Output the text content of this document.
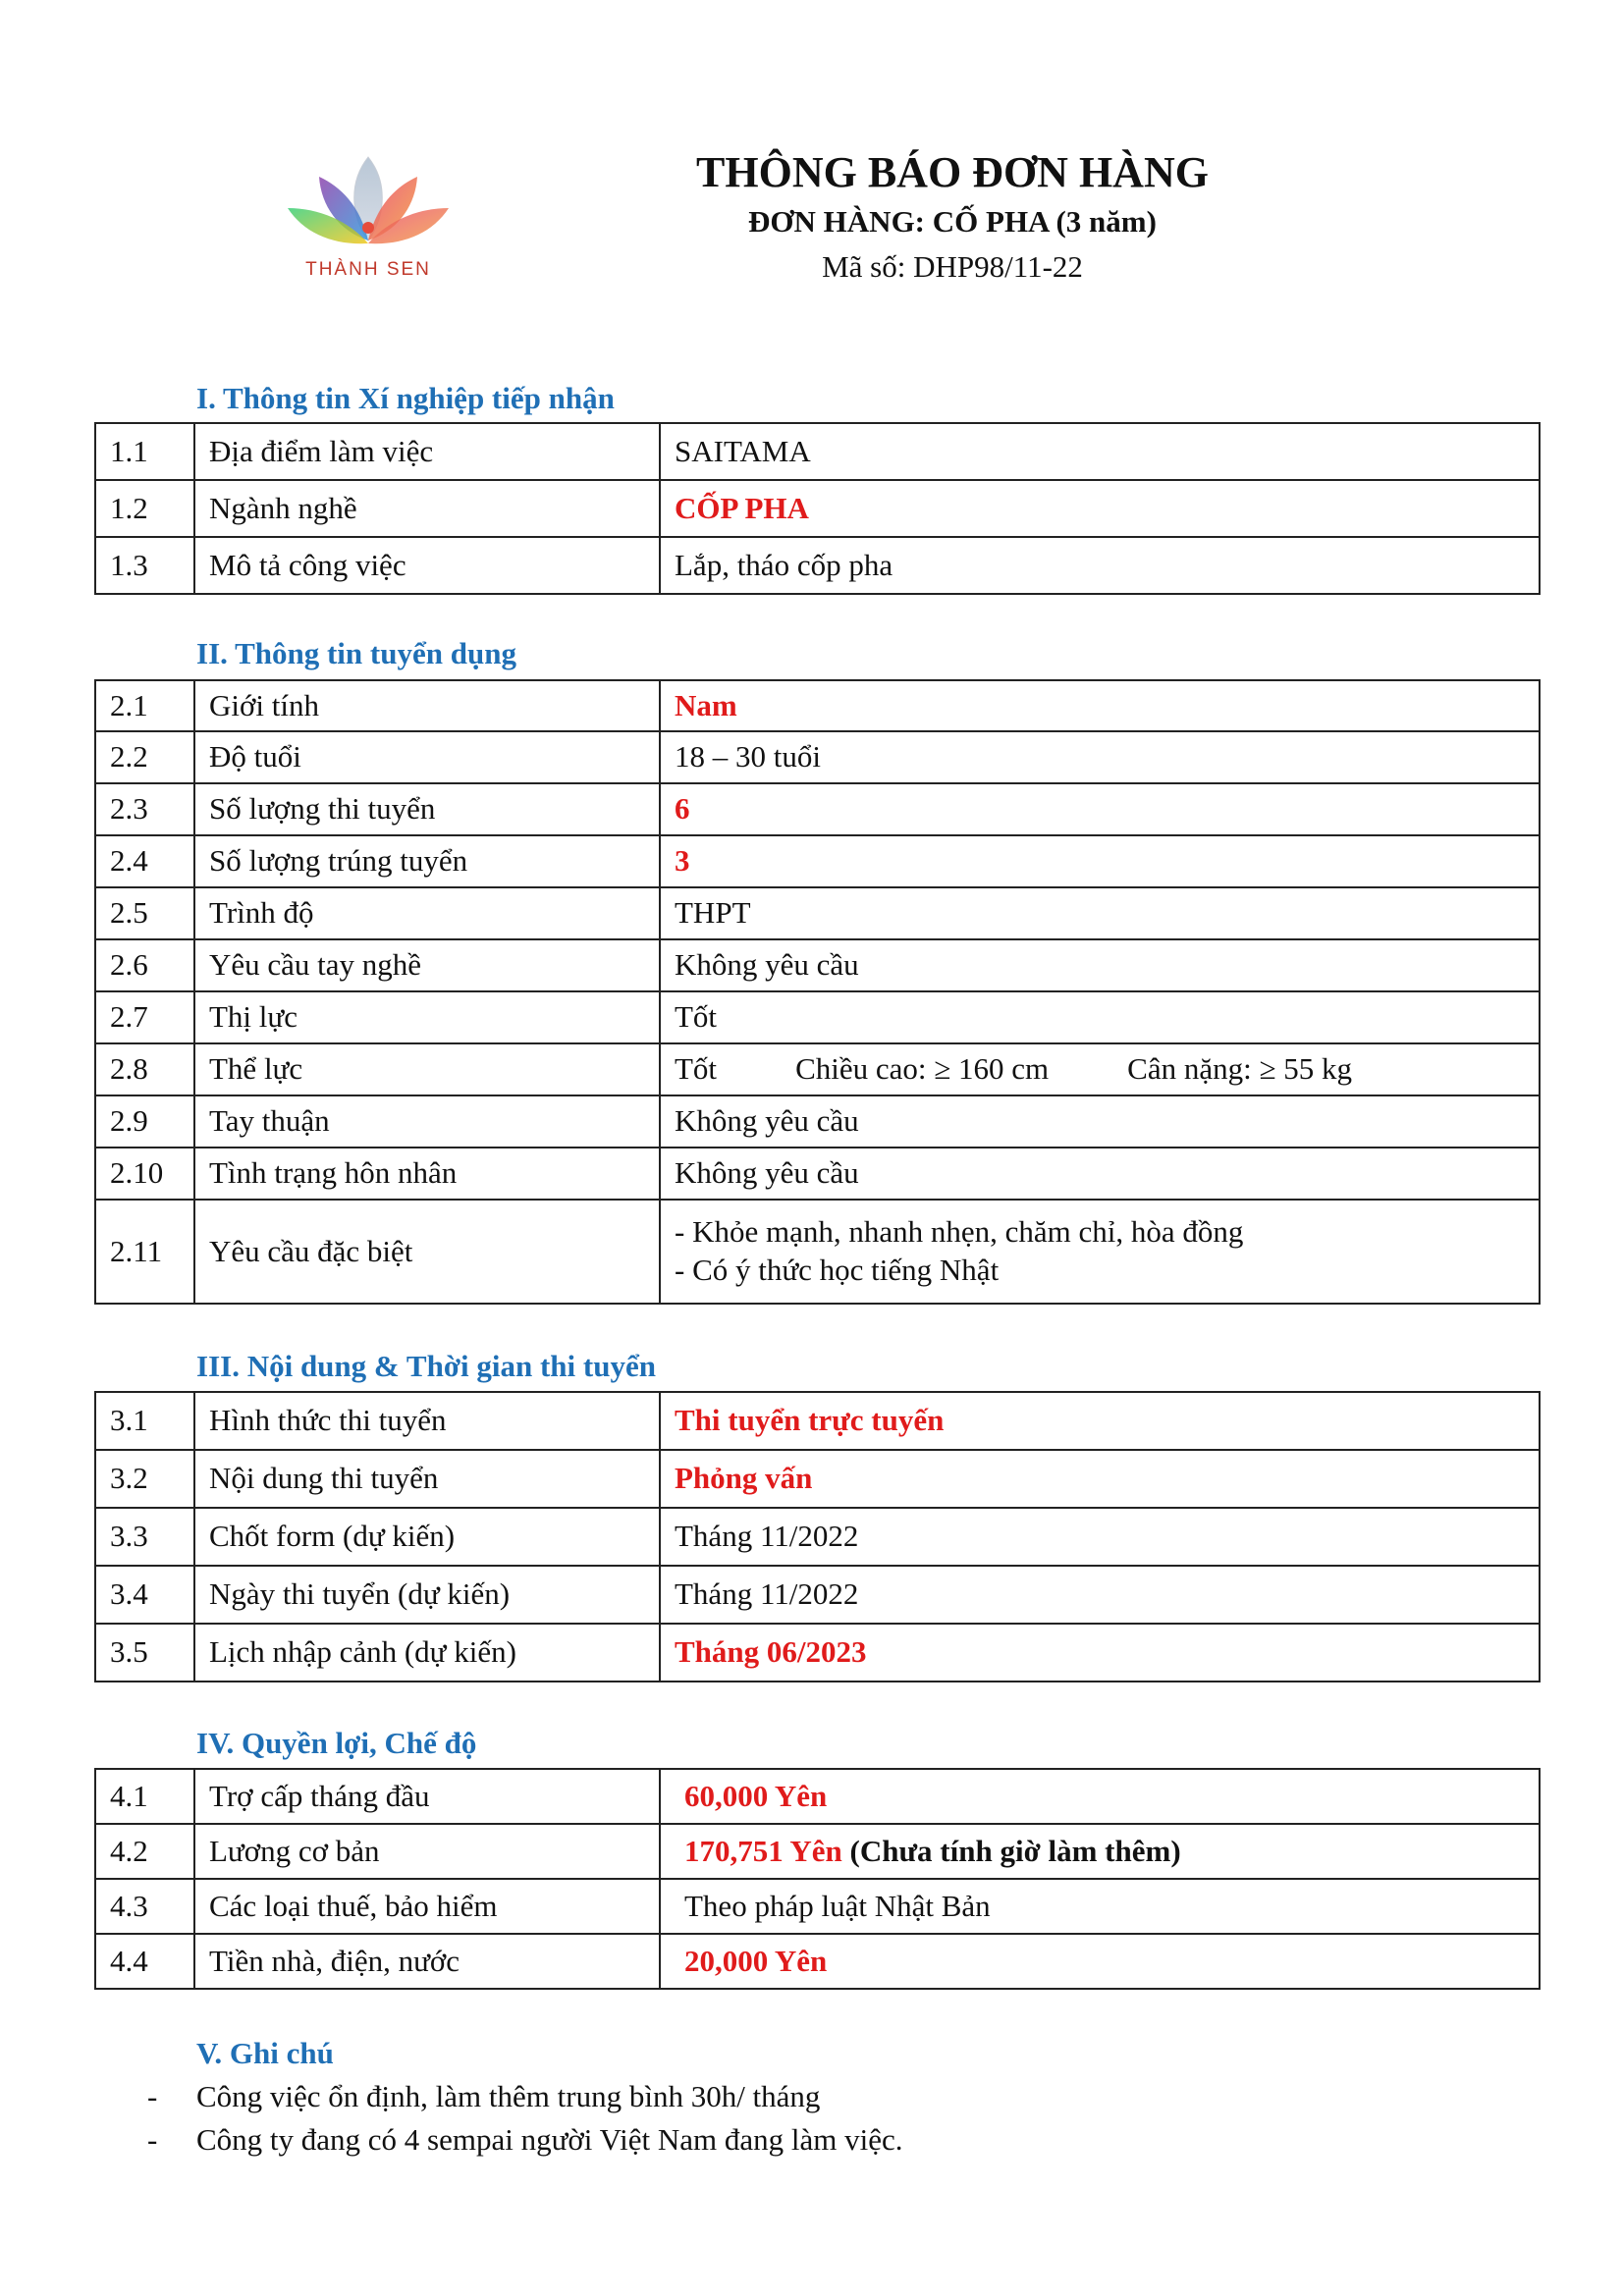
THÀNH SEN
THÔNG BÁO ĐƠN HÀNG
ĐƠN HÀNG: CỐ PHA (3 năm)
Mã số: DHP98/11-22
I. Thông tin Xí nghiệp tiếp nhận
1.1	Địa điểm làm việc	SAITAMA
1.2	Ngành nghề	CỐP PHA
1.3	Mô tả công việc	Lắp, tháo cốp pha
II. Thông tin tuyển dụng
2.1	Giới tính	Nam
2.2	Độ tuổi	18 – 30 tuổi
2.3	Số lượng thi tuyển	6
2.4	Số lượng trúng tuyển	3
2.5	Trình độ	THPT
2.6	Yêu cầu tay nghề	Không yêu cầu
2.7	Thị lực	Tốt
2.8	Thể lực	Tốt Chiều cao: ≥ 160 cm Cân nặng: ≥ 55 kg
2.9	Tay thuận	Không yêu cầu
2.10	Tình trạng hôn nhân	Không yêu cầu
2.11	Yêu cầu đặc biệt	- Khỏe mạnh, nhanh nhẹn, chăm chỉ, hòa đồng
- Có ý thức học tiếng Nhật
III. Nội dung & Thời gian thi tuyển
3.1	Hình thức thi tuyển	Thi tuyển trực tuyến
3.2	Nội dung thi tuyển	Phỏng vấn
3.3	Chốt form (dự kiến)	Tháng 11/2022
3.4	Ngày thi tuyển (dự kiến)	Tháng 11/2022
3.5	Lịch nhập cảnh (dự kiến)	Tháng 06/2023
IV. Quyền lợi, Chế độ
4.1	Trợ cấp tháng đầu	60,000 Yên
4.2	Lương cơ bản	170,751 Yên (Chưa tính giờ làm thêm)
4.3	Các loại thuế, bảo hiểm	Theo pháp luật Nhật Bản
4.4	Tiền nhà, điện, nước	20,000 Yên
V. Ghi chú
- Công việc ổn định, làm thêm trung bình 30h/ tháng
- Công ty đang có 4 sempai người Việt Nam đang làm việc.
